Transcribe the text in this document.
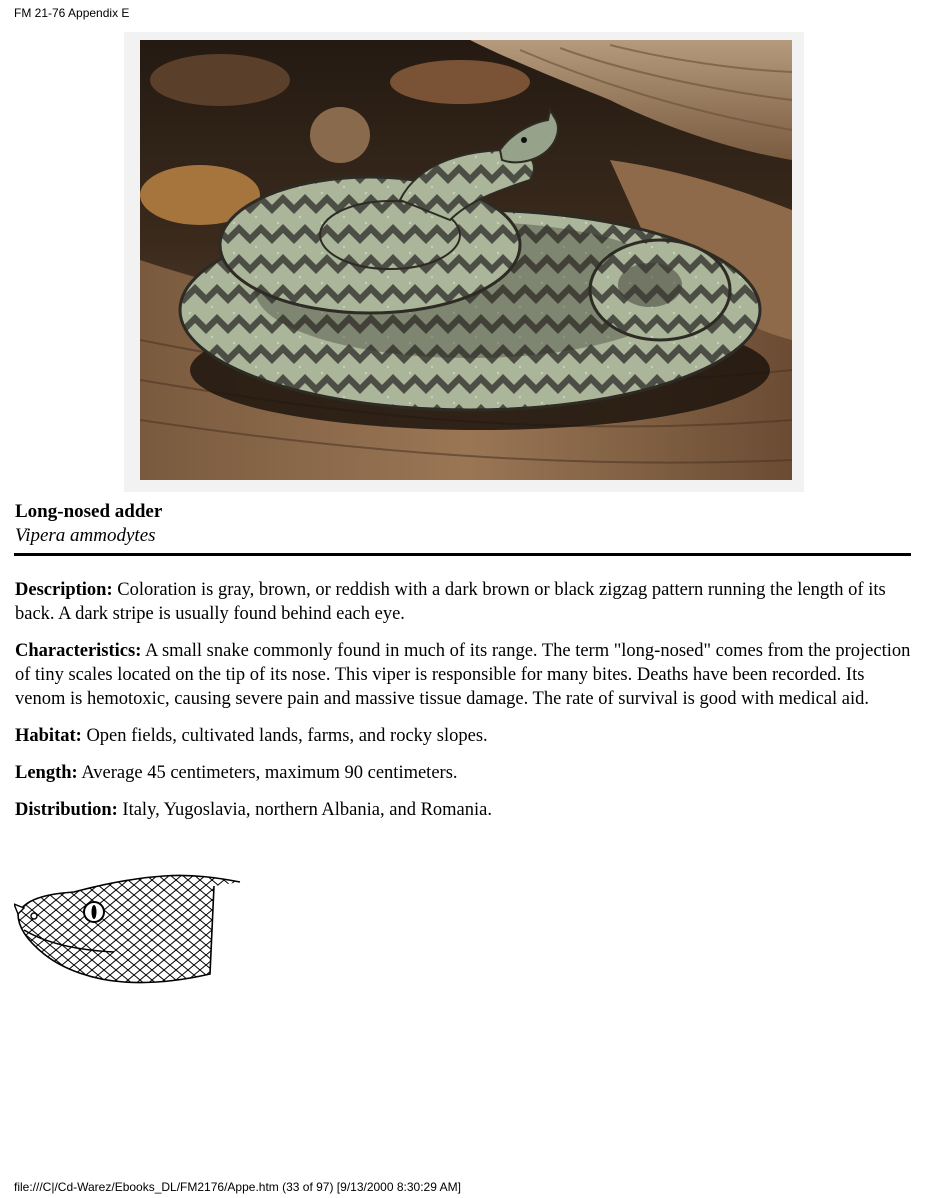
FM 21-76 Appendix E
Long-nosed adder
Vipera ammodytes

Description: Coloration is gray, brown, or reddish with a dark brown or black zigzag pattern running the length of its back. A dark stripe is usually found behind each eye.

Characteristics: A small snake commonly found in much of its range. The term "long-nosed" comes from the projection of tiny scales located on the tip of its nose. This viper is responsible for many bites. Deaths have been recorded. Its venom is hemotoxic, causing severe pain and massive tissue damage. The rate of survival is good with medical aid.

Habitat: Open fields, cultivated lands, farms, and rocky slopes.

Length: Average 45 centimeters, maximum 90 centimeters.

Distribution: Italy, Yugoslavia, northern Albania, and Romania.

file:///C|/Cd-Warez/Ebooks_DL/FM2176/Appe.htm (33 of 97) [9/13/2000 8:30:29 AM]
